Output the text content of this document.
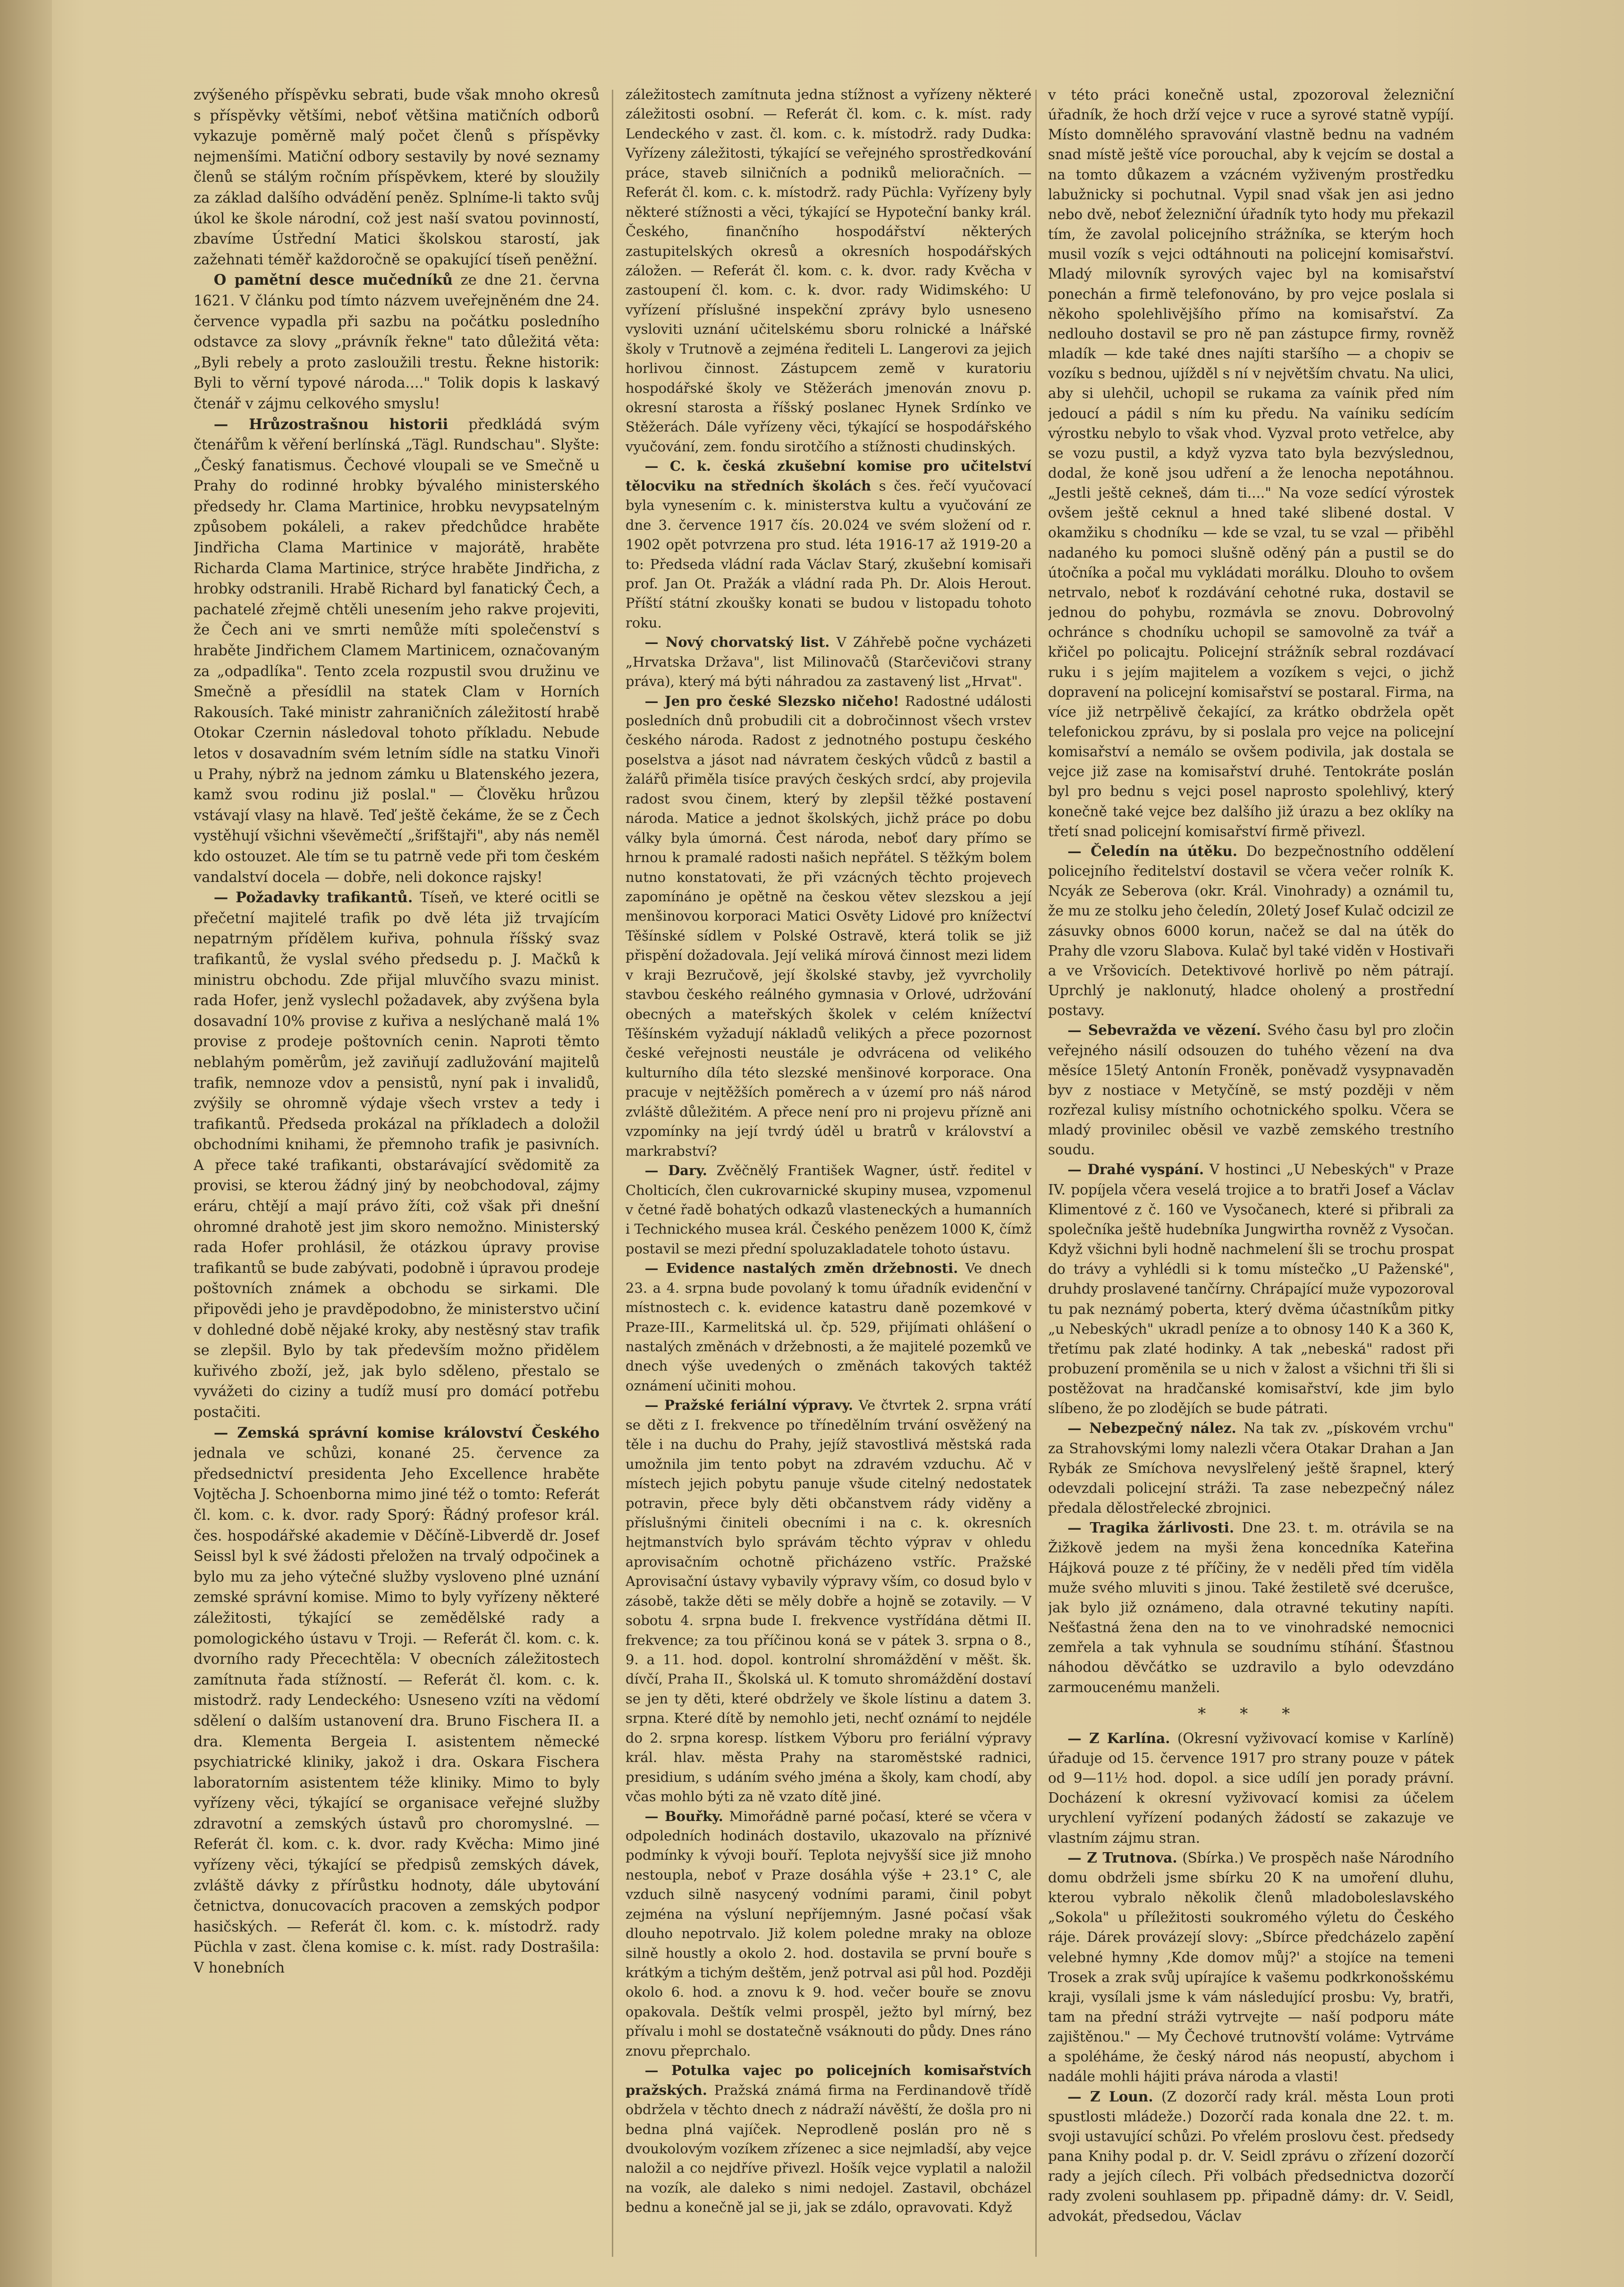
zvýšeného příspěvku sebrati, bude však mnoho okresů s příspěvky většími, neboť většina matičních odborů vykazuje poměrně malý počet členů s příspěvky nejmenšími. Matiční odbory sestavily by nové seznamy členů se stálým ročním příspěvkem, které by sloužily za základ dalšího odvádění peněz. Splníme-li takto svůj úkol ke škole národní, což jest naší svatou povinností, zbavíme Ústřední Matici školskou starostí, jak zažehnati téměř každoročně se opakující tíseň peněžní.

O pamětní desce mučedníků ze dne 21. června 1621. V článku pod tímto názvem uveřejněném dne 24. července vypadla při sazbu na počátku posledního odstavce za slovy „právník řekne" tato důležitá věta: „Byli rebely a proto zasloužili trestu. Řekne historik: Byli to věrní typové národa...." Tolik dopis k laskavý čtenář v zájmu celkového smyslu!

— Hrůzostrašnou historii předkládá svým čtenářům k věření berlínská „Tägl. Rundschau". Slyšte: „Český fanatismus. Čechové vloupali se ve Smečně u Prahy do rodinné hrobky bývalého ministerského předsedy hr. Clama Martinice, hrobku nevypsatelným způsobem pokáleli, a rakev předchůdce hraběte Jindřicha Clama Martinice v majorátě, hraběte Richarda Clama Martinice, strýce hraběte Jindřicha, z hrobky odstranili. Hrabě Richard byl fanatický Čech, a pachatelé zřejmě chtěli unesením jeho rakve projeviti, že Čech ani ve smrti nemůže míti společenství s hraběte Jindřichem Clamem Martinicem, označovaným za „odpadlíka". Tento zcela rozpustil svou družinu ve Smečně a přesídlil na statek Clam v Horních Rakousích. Také ministr zahraničních záležitostí hrabě Otokar Czernin následoval tohoto příkladu. Nebude letos v dosavadním svém letním sídle na statku Vinoři u Prahy, nýbrž na jednom zámku u Blatenského jezera, kamž svou rodinu již poslal." — Člověku hrůzou vstávají vlasy na hlavě. Teď ještě čekáme, že se z Čech vystěhují všichni vševěmečtí „šrifštajři", aby nás neměl kdo ostouzet. Ale tím se tu patrně vede při tom českém vandalství docela — dobře, neli dokonce rajsky!

— Požadavky trafikantů. Tíseň, ve které ocitli se přečetní majitelé trafik po dvě léta již trvajícím nepatrným přídělem kuřiva, pohnula říšský svaz trafikantů, že vyslal svého předsedu p. J. Mačků k ministru obchodu. Zde přijal mluvčího svazu minist. rada Hofer, jenž vyslechl požadavek, aby zvýšena byla dosavadní 10% provise z kuřiva a neslýchaně malá 1% provise z prodeje poštovních cenin. Naproti těmto neblahým poměrům, jež zaviňují zadlužování majitelů trafik, nemnoze vdov a pensistů, nyní pak i invalidů, zvýšily se ohromně výdaje všech vrstev a tedy i trafikantů. Předseda prokázal na příkladech a doložil obchodními knihami, že přemnoho trafik je pasivních. A přece také trafikanti, obstarávající svědomitě za provisi, se kterou žádný jiný by neobchodoval, zájmy eráru, chtějí a mají právo žíti, což však při dnešní ohromné drahotě jest jim skoro nemožno. Ministerský rada Hofer prohlásil, že otázkou úpravy provise trafikantů se bude zabývati, podobně i úpravou prodeje poštovních známek a obchodu se sirkami. Dle připovědi jeho je pravděpodobno, že ministerstvo učiní v dohledné době nějaké kroky, aby nestěsný stav trafik se zlepšil. Bylo by tak především možno přidělem kuřivého zboží, jež, jak bylo sděleno, přestalo se vyvážeti do ciziny a tudíž musí pro domácí potřebu postačiti.

— Zemská správní komise království Českého jednala ve schůzi, konané 25. července za předsednictví presidenta Jeho Excellence hraběte Vojtěcha J. Schoenborna mimo jiné též o tomto: Referát čl. kom. c. k. dvor. rady Sporý: Řádný profesor král. čes. hospodářské akademie v Děčíně-Libverdě dr. Josef Seissl byl k své žádosti přeložen na trvalý odpočinek a bylo mu za jeho výtečné služby vysloveno plné uznání zemské správní komise. Mimo to byly vyřízeny některé záležitosti, týkající se zemědělské rady a pomologického ústavu v Troji. — Referát čl. kom. c. k. dvorního rady Přecechtěla: V obecních záležitostech zamítnuta řada stížností. — Referát čl. kom. c. k. mistodrž. rady Lendeckého: Usneseno vzíti na vědomí sdělení o dalším ustanovení dra. Bruno Fischera II. a dra. Klementa Bergeia I. asistentem německé psychiatrické kliniky, jakož i dra. Oskara Fischera laboratorním asistentem téže kliniky. Mimo to byly vyřízeny věci, týkající se organisace veřejné služby zdravotní a zemských ústavů pro choromyslné. — Referát čl. kom. c. k. dvor. rady Kvěcha: Mimo jiné vyřízeny věci, týkající se předpisů zemských dávek, zvláště dávky z přírůstku hodnoty, dále ubytování četnictva, donucovacích pracoven a zemských podpor hasičských. — Referát čl. kom. c. k. místodrž. rady Püchla v zast. člena komise c. k. míst. rady Dostrašila: V honebních

záležitostech zamítnuta jedna stížnost a vyřízeny některé záležitosti osobní. — Referát čl. kom. c. k. míst. rady Lendeckého v zast. čl. kom. c. k. místodrž. rady Dudka: Vyřízeny záležitosti, týkající se veřejného sprostředkování práce, staveb silničních a podniků melioračních. — Referát čl. kom. c. k. místodrž. rady Püchla: Vyřízeny byly některé stížnosti a věci, týkající se Hypoteční banky král. Českého, finančního hospodářství některých zastupitelských okresů a okresních hospodářských záložen. — Referát čl. kom. c. k. dvor. rady Kvěcha v zastoupení čl. kom. c. k. dvor. rady Widimského: U vyřízení příslušné inspekční zprávy bylo usneseno vysloviti uznání učitelskému sboru rolnické a lnářské školy v Trutnově a zejména řediteli L. Langerovi za jejich horlivou činnost. Zástupcem země v kuratoriu hospodářské školy ve Stěžerách jmenován znovu p. okresní starosta a říšský poslanec Hynek Srdínko ve Stěžerách. Dále vyřízeny věci, týkající se hospodářského vyučování, zem. fondu sirotčího a stížnosti chudinských.

— C. k. česká zkušební komise pro učitelství tělocviku na středních školách s čes. řečí vyučovací byla vynesením c. k. ministerstva kultu a vyučování ze dne 3. července 1917 čís. 20.024 ve svém složení od r. 1902 opět potvrzena pro stud. léta 1916-17 až 1919-20 a to: Předseda vládní rada Václav Starý, zkušební komisaři prof. Jan Ot. Pražák a vládní rada Ph. Dr. Alois Herout. Příští státní zkoušky konati se budou v listopadu tohoto roku.

— Nový chorvatský list. V Záhřebě počne vycházeti „Hrvatska Država", list Milinovačů (Starčevičovi strany práva), který má býti náhradou za zastavený list „Hrvat".

— Jen pro české Slezsko ničeho! Radostné události posledních dnů probudili cit a dobročinnost všech vrstev českého národa. Radost z jednotného postupu českého poselstva a jásot nad návratem českých vůdců z bastil a žalářů přiměla tisíce pravých českých srdcí, aby projevila radost svou činem, který by zlepšil těžké postavení národa. Matice a jednot školských, jichž práce po dobu války byla úmorná. Čest národa, neboť dary přímo se hrnou k pramalé radosti našich nepřátel. S těžkým bolem nutno konstatovati, že při vzácných těchto projevech zapomínáno je opětně na českou větev slezskou a její menšinovou korporaci Matici Osvěty Lidové pro knížectví Těšínské sídlem v Polské Ostravě, která tolik se již přispění dožadovala. Její veliká mírová činnost mezi lidem v kraji Bezručově, její školské stavby, jež vyvrcholily stavbou českého reálného gymnasia v Orlové, udržování obecných a mateřských školek v celém knížectví Těšínském vyžadují nákladů velikých a přece pozornost české veřejnosti neustále je odvrácena od velikého kulturního díla této slezské menšinové korporace. Ona pracuje v nejtěžších poměrech a v území pro náš národ zvláště důležitém. A přece není pro ni projevu přízně ani vzpomínky na její tvrdý úděl u bratrů v království a markrabství?

— Dary. Zvěčnělý František Wagner, ústř. ředitel v Cholticích, člen cukrovarnické skupiny musea, vzpomenul v četné řadě bohatých odkazů vlasteneckých a humanních i Technického musea král. Českého penězem 1000 K, čímž postavil se mezi přední spoluzakladatele tohoto ústavu.

— Evidence nastalých změn držebnosti. Ve dnech 23. a 4. srpna bude povolaný k tomu úřadník evidenční v místnostech c. k. evidence katastru daně pozemkové v Praze-III., Karmelitská ul. čp. 529, přijímati ohlášení o nastalých změnách v držebnosti, a že majitelé pozemků ve dnech výše uvedených o změnách takových taktéž oznámení učiniti mohou.

— Pražské feriální výpravy. Ve čtvrtek 2. srpna vrátí se děti z I. frekvence po třínedělním trvání osvěžený na těle i na duchu do Prahy, jejíž stavostlivá městská rada umožnila jim tento pobyt na zdravém vzduchu. Ač v místech jejich pobytu panuje všude citelný nedostatek potravin, přece byly děti občanstvem rády viděny a příslušnými činiteli obecními i na c. k. okresních hejtmanstvích bylo správám těchto výprav v ohledu aprovisačním ochotně přicházeno vstříc. Pražské Aprovisační ústavy vybavily výpravy vším, co dosud bylo v zásobě, takže děti se měly dobře a hojně se zotavily. — V sobotu 4. srpna bude I. frekvence vystřídána dětmi II. frekvence; za tou příčinou koná se v pátek 3. srpna o 8., 9. a 11. hod. dopol. kontrolní shromáždění v měšt. šk. dívčí, Praha II., Školská ul. K tomuto shromáždění dostaví se jen ty děti, které obdržely ve škole lístinu a datem 3. srpna. Které dítě by nemohlo jeti, nechť oznámí to nejdéle do 2. srpna koresp. lístkem Výboru pro feriální výpravy král. hlav. města Prahy na staroměstské radnici, presidium, s udáním svého jména a školy, kam chodí, aby včas mohlo býti za ně vzato dítě jiné.

— Bouřky. Mimořádně parné počasí, které se včera v odpoledních hodinách dostavilo, ukazovalo na příznivé podmínky k vývoji bouří. Teplota nejvyšší sice již mnoho nestoupla, neboť v Praze dosáhla výše + 23.1° C, ale vzduch silně nasycený vodními parami, činil pobyt zejména na výsluní nepříjemným. Jasné počasí však dlouho nepotrvalo. Již kolem poledne mraky na obloze silně houstly a okolo 2. hod. dostavila se první bouře s krátkým a tichým deštěm, jenž potrval asi půl hod. Později okolo 6. hod. a znovu k 9. hod. večer bouře se znovu opakovala. Deštík velmi prospěl, ježto byl mírný, bez přívalu i mohl se dostatečně vsáknouti do půdy. Dnes ráno znovu přeprchalo.

— Potulka vajec po policejních komisařstvích pražských. Pražská známá firma na Ferdinandově třídě obdržela v těchto dnech z nádraží návěští, že došla pro ni bedna plná vajíček. Neprodleně poslán pro ně s dvoukolovým vozíkem zřízenec a sice nejmladší, aby vejce naložil a co nejdříve přivezl. Hošík vejce vyplatil a naložil na vozík, ale daleko s nimi nedojel. Zastavil, obcházel bednu a konečně jal se ji, jak se zdálo, opravovati. Když

v této práci konečně ustal, zpozoroval železniční úřadník, že hoch drží vejce v ruce a syrové statně vypíjí. Místo domnělého spravování vlastně bednu na vadném snad místě ještě více porouchal, aby k vejcím se dostal a na tomto důkazem a vzácném vyživeným prostředku labužnicky si pochutnal. Vypil snad však jen asi jedno nebo dvě, neboť železniční úřadník tyto hody mu překazil tím, že zavolal policejního strážníka, se kterým hoch musil vozík s vejci odtáhnouti na policejní komisařství. Mladý milovník syrových vajec byl na komisařství ponechán a firmě telefonováno, by pro vejce poslala si někoho spolehlivějšího přímo na komisařství. Za nedlouho dostavil se pro ně pan zástupce firmy, rovněž mladík — kde také dnes najíti staršího — a chopiv se vozíku s bednou, ujížděl s ní v největším chvatu. Na ulici, aby si ulehčil, uchopil se rukama za vaínik před ním jedoucí a pádil s ním ku předu. Na vaíniku sedícím výrostku nebylo to však vhod. Vyzval proto vetřelce, aby se vozu pustil, a když vyzva tato byla bezvýslednou, dodal, že koně jsou udření a že lenocha nepotáhnou. „Jestli ještě cekneš, dám ti...." Na voze sedící výrostek ovšem ještě ceknul a hned také slibené dostal. V okamžiku s chodníku — kde se vzal, tu se vzal — přiběhl nadaného ku pomoci slušně oděný pán a pustil se do útočníka a počal mu vykládati morálku. Dlouho to ovšem netrvalo, neboť k rozdávání cehotné ruka, dostavil se jednou do pohybu, rozmávla se znovu. Dobrovolný ochránce s chodníku uchopil se samovolně za tvář a křičel po policajtu. Policejní strážník sebral rozdávací ruku i s jejím majitelem a vozíkem s vejci, o jichž dopravení na policejní komisařství se postaral. Firma, na více již netrpělivě čekající, za krátko obdržela opět telefonickou zprávu, by si poslala pro vejce na policejní komisařství a nemálo se ovšem podivila, jak dostala se vejce již zase na komisařství druhé. Tentokráte poslán byl pro bednu s vejci posel naprosto spolehlivý, který konečně také vejce bez dalšího již úrazu a bez oklíky na třetí snad policejní komisařství firmě přivezl.

— Čeledín na útěku. Do bezpečnostního oddělení policejního ředitelství dostavil se včera večer rolník K. Ncyák ze Seberova (okr. Král. Vinohrady) a oznámil tu, že mu ze stolku jeho čeledín, 20letý Josef Kulač odcizil ze zásuvky obnos 6000 korun, načež se dal na útěk do Prahy dle vzoru Slabova. Kulač byl také viděn v Hostivaři a ve Vršovicích. Detektivové horlivě po něm pátrají. Uprchlý je naklonutý, hladce oholený a prostřední postavy.

— Sebevražda ve vězení. Svého času byl pro zločin veřejného násilí odsouzen do tuhého vězení na dva měsíce 15letý Antonín Froněk, poněvadž vysypnavaděn byv z nostiace v Metyčíně, se mstý později v něm rozřezal kulisy místního ochotnického spolku. Včera se mladý provinilec oběsil ve vazbě zemského trestního soudu.

— Drahé vyspání. V hostinci „U Nebeských" v Praze IV. popíjela včera veselá trojice a to bratři Josef a Václav Klimentové z č. 160 ve Vysočanech, které si přibrali za společníka ještě hudebníka Jungwirtha rovněž z Vysočan. Když všichni byli hodně nachmelení šli se trochu prospat do trávy a vyhlédli si k tomu místečko „U Paženské", druhdy proslavené tančírny. Chrápající muže vypozoroval tu pak neznámý poberta, který dvěma účastníkům pitky „u Nebeských" ukradl peníze a to obnosy 140 K a 360 K, třetímu pak zlaté hodinky. A tak „nebeská" radost při probuzení proměnila se u nich v žalost a všichni tři šli si postěžovat na hradčanské komisařství, kde jim bylo slíbeno, že po zlodějích se bude pátrati.

— Nebezpečný nález. Na tak zv. „pískovém vrchu" za Strahovskými lomy nalezli včera Otakar Drahan a Jan Rybák ze Smíchova nevyslřelený ještě šrapnel, který odevzdali policejní stráži. Ta zase nebezpečný nález předala dělostřelecké zbrojnici.

— Tragika žárlivosti. Dne 23. t. m. otrávila se na Žižkově jedem na myši žena koncedníka Kateřina Hájková pouze z té příčiny, že v neděli před tím viděla muže svého mluviti s jinou. Také žestiletě své dcerušce, jak bylo již oznámeno, dala otravné tekutiny napíti. Nešťastná žena den na to ve vinohradské nemocnici zemřela a tak vyhnula se soudnímu stíhání. Šťastnou náhodou děvčátko se uzdravilo a bylo odevzdáno zarmoucenému manželi.

* * *

— Z Karlína. (Okresní vyživovací komise v Karlíně) úřaduje od 15. července 1917 pro strany pouze v pátek od 9—11½ hod. dopol. a sice udílí jen porady právní. Docházení k okresní vyživovací komisi za účelem urychlení vyřízení podaných žádostí se zakazuje ve vlastním zájmu stran.

— Z Trutnova. (Sbírka.) Ve prospěch naše Národního domu obdrželi jsme sbírku 20 K na umoření dluhu, kterou vybralo několik členů mladoboleslavského „Sokola" u příležitosti soukromého výletu do Českého ráje. Dárek provázejí slovy: „Sbírce předcházelo zapění velebné hymny ‚Kde domov můj?' a stojíce na temeni Trosek a zrak svůj upírajíce k vašemu podkrkonošskému kraji, vysílali jsme k vám následující prosbu: Vy, bratři, tam na přední stráži vytrvejte — naší podporu máte zajištěnou." — My Čechové trutnovští voláme: Vytrváme a spoléháme, že český národ nás neopustí, abychom i nadále mohli hájiti práva národa a vlasti!

— Z Loun. (Z dozorčí rady král. města Loun proti spustlosti mládeže.) Dozorčí rada konala dne 22. t. m. svoji ustavující schůzi. Po vřelém proslovu čest. předsedy pana Knihy podal p. dr. V. Seidl zprávu o zřízení dozorčí rady a jejích cílech. Při volbách předsednictva dozorčí rady zvoleni souhlasem pp. připadně dámy: dr. V. Seidl, advokát, předsedou, Václav
